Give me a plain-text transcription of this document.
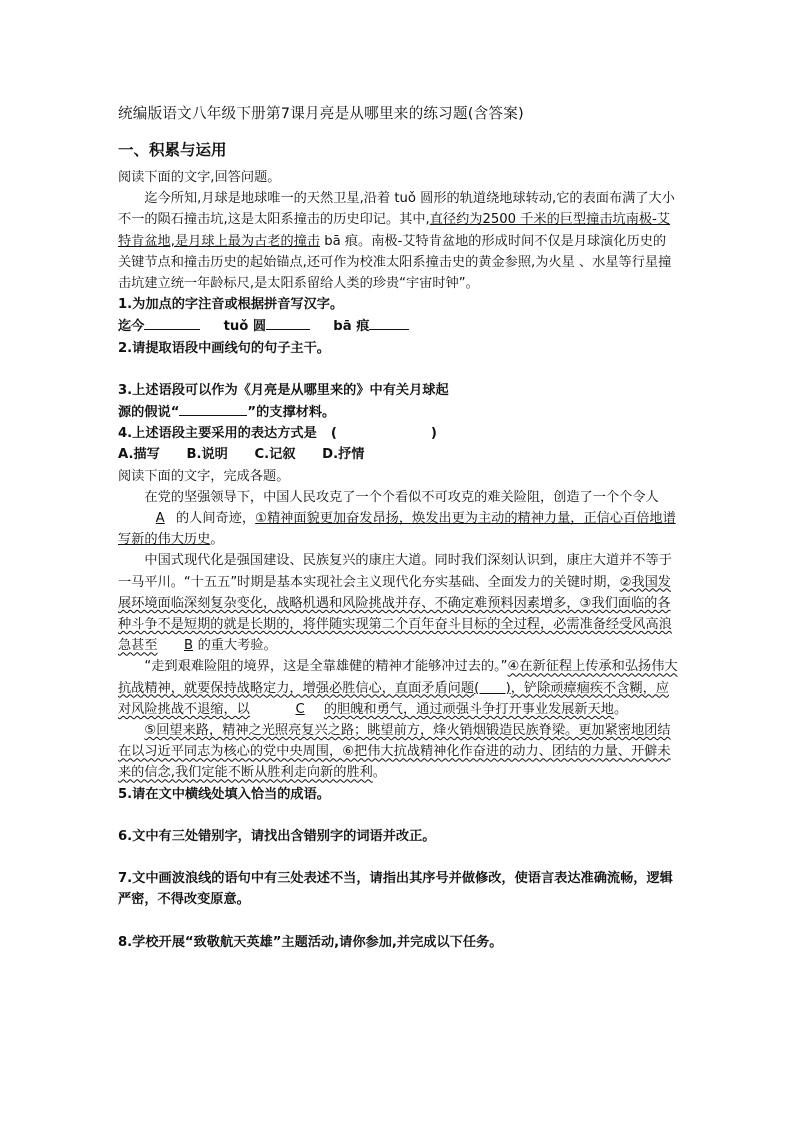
统编版语文八年级下册第7课月亮是从哪里来的练习题(含答案)

一、积累与运用

阅读下面的文字,回答问题。

迄今所知,月球是地球唯一的天然卫星,沿着 tuǒ 圆形的轨道绕地球转动,它的表面布满了大小不一的陨石撞击坑,这是太阳系撞击的历史印记。其中,直径约为2500 千米的巨型撞击坑南极-艾特肯盆地,是月球上最为古老的撞击 bā 痕。南极-艾特肯盆地的形成时间不仅是月球演化历史的关键节点和撞击历史的起始锚点,还可作为校准太阳系撞击史的黄金参照,为火星 、水星等行星撞击坑建立统一年龄标尺,是太阳系留给人类的珍贵“宇宙时钟”。

1.为加点的字注音或根据拼音写汉字。

迄今	tuǒ 圆	bā 痕

2.请提取语段中画线句的句子主干。

3.上述语段可以作为《月亮是从哪里来的》中有关月球起

源的假说“	”的支撑材料。

4.上述语段主要采用的表达方式是 (	)

A.描写 B.说明 C.记叙 D.抒情

阅读下面的文字，完成各题。

在党的坚强领导下，中国人民攻克了一个个看似不可攻克的难关险阻，创造了一个个令人A 的人间奇迹，①精神面貌更加奋发昂扬，焕发出更为主动的精神力量，正信心百倍地谱写新的伟大历史。

中国式现代化是强国建设、民族复兴的康庄大道。同时我们深刻认识到，康庄大道并不等于一马平川。“十五五”时期是基本实现社会主义现代化夯实基础、全面发力的关键时期，②我国发展环境面临深刻复杂变化，战略机遇和风险挑战并存、不确定难预料因素增多，③我们面临的各种斗争不是短期的就是长期的，将伴随实现第二个百年奋斗目标的全过程，必需准备经受风高浪急甚至 B 的重大考验。

“走到艰难险阻的境界，这是全靠雄健的精神才能够冲过去的。”④在新征程上传承和弘扬伟大抗战精神，就要保持战略定力，增强必胜信心，直面矛盾问题(　　)，铲除顽瘴痼疾不含糊，应对风险挑战不退缩，以	C 的胆魄和勇气，通过顽强斗争打开事业发展新天地。

⑤回望来路，精神之光照亮复兴之路；眺望前方，烽火销烟锻造民族脊梁。更加紧密地团结在以习近平同志为核心的党中央周围，⑥把伟大抗战精神化作奋进的动力、团结的力量、开僻未来的信念,我们定能不断从胜利走向新的胜利。

5.请在文中横线处填入恰当的成语。

6.文中有三处错别字，请找出含错别字的词语并改正。

7.文中画波浪线的语句中有三处表述不当，请指出其序号并做修改，使语言表达准确流畅，逻辑严密，不得改变原意。

8.学校开展“致敬航天英雄”主题活动,请你参加,并完成以下任务。
